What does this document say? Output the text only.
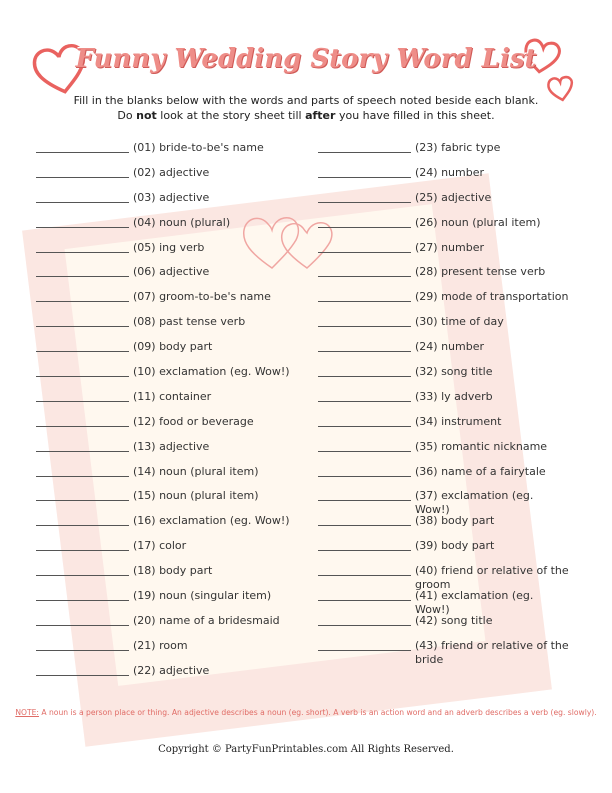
Funny Wedding Story Word List
Fill in the blanks below with the words and parts of speech noted beside each blank.
Do not look at the story sheet till after you have filled in this sheet.
(01) bride-to-be's name
(02) adjective
(03) adjective
(04) noun (plural)
(05) ing verb
(06) adjective
(07) groom-to-be's name
(08) past tense verb
(09) body part
(10) exclamation (eg. Wow!)
(11) container
(12) food or beverage
(13) adjective
(14) noun (plural item)
(15) noun (plural item)
(16) exclamation (eg. Wow!)
(17) color
(18) body part
(19) noun (singular item)
(20) name of a bridesmaid
(21) room
(22) adjective
(23) fabric type
(24) number
(25) adjective
(26) noun (plural item)
(27) number
(28) present tense verb
(29) mode of transportation
(30) time of day
(24) number
(32) song title
(33) ly adverb
(34) instrument
(35) romantic nickname
(36) name of a fairytale
(37) exclamation (eg. Wow!)
(38) body part
(39) body part
(40) friend or relative of the
groom
(41) exclamation (eg. Wow!)
(42) song title
(43) friend or relative of the
bride
NOTE: A noun is a person place or thing. An adjective describes a noun (eg. short). A verb is an action word and an adverb describes a verb (eg. slowly).
Copyright © PartyFunPrintables.com All Rights Reserved.
